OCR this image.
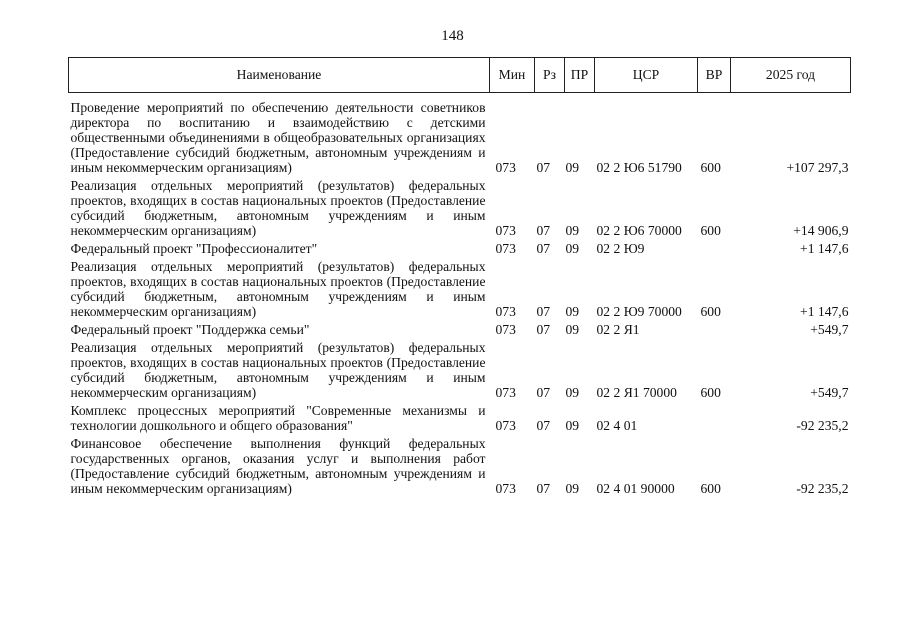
148
Наименование	Мин	Рз	ПР	ЦСР	ВР	2025 год
Проведение мероприятий по обеспечению деятельности советников директора по воспитанию и взаимодействию с детскими общественными объединениями в общеобразовательных организациях (Предоставление субсидий бюджетным, автономным учреждениям и иным некоммерческим организациям)	073	07	09	02 2 Ю6 51790	600	+107 297,3
Реализация отдельных мероприятий (результатов) федеральных проектов, входящих в состав национальных проектов (Предоставление субсидий бюджетным, автономным учреждениям и иным некоммерческим организациям)	073	07	09	02 2 Ю6 70000	600	+14 906,9
Федеральный проект "Профессионалитет"	073	07	09	02 2 Ю9		+1 147,6
Реализация отдельных мероприятий (результатов) федеральных проектов, входящих в состав национальных проектов (Предоставление субсидий бюджетным, автономным учреждениям и иным некоммерческим организациям)	073	07	09	02 2 Ю9 70000	600	+1 147,6
Федеральный проект "Поддержка семьи"	073	07	09	02 2 Я1		+549,7
Реализация отдельных мероприятий (результатов) федеральных проектов, входящих в состав национальных проектов (Предоставление субсидий бюджетным, автономным учреждениям и иным некоммерческим организациям)	073	07	09	02 2 Я1 70000	600	+549,7
Комплекс процессных мероприятий "Современные механизмы и технологии дошкольного и общего образования"	073	07	09	02 4 01		-92 235,2
Финансовое обеспечение выполнения функций федеральных государственных органов, оказания услуг и выполнения работ (Предоставление субсидий бюджетным, автономным учреждениям и иным некоммерческим организациям)	073	07	09	02 4 01 90000	600	-92 235,2
